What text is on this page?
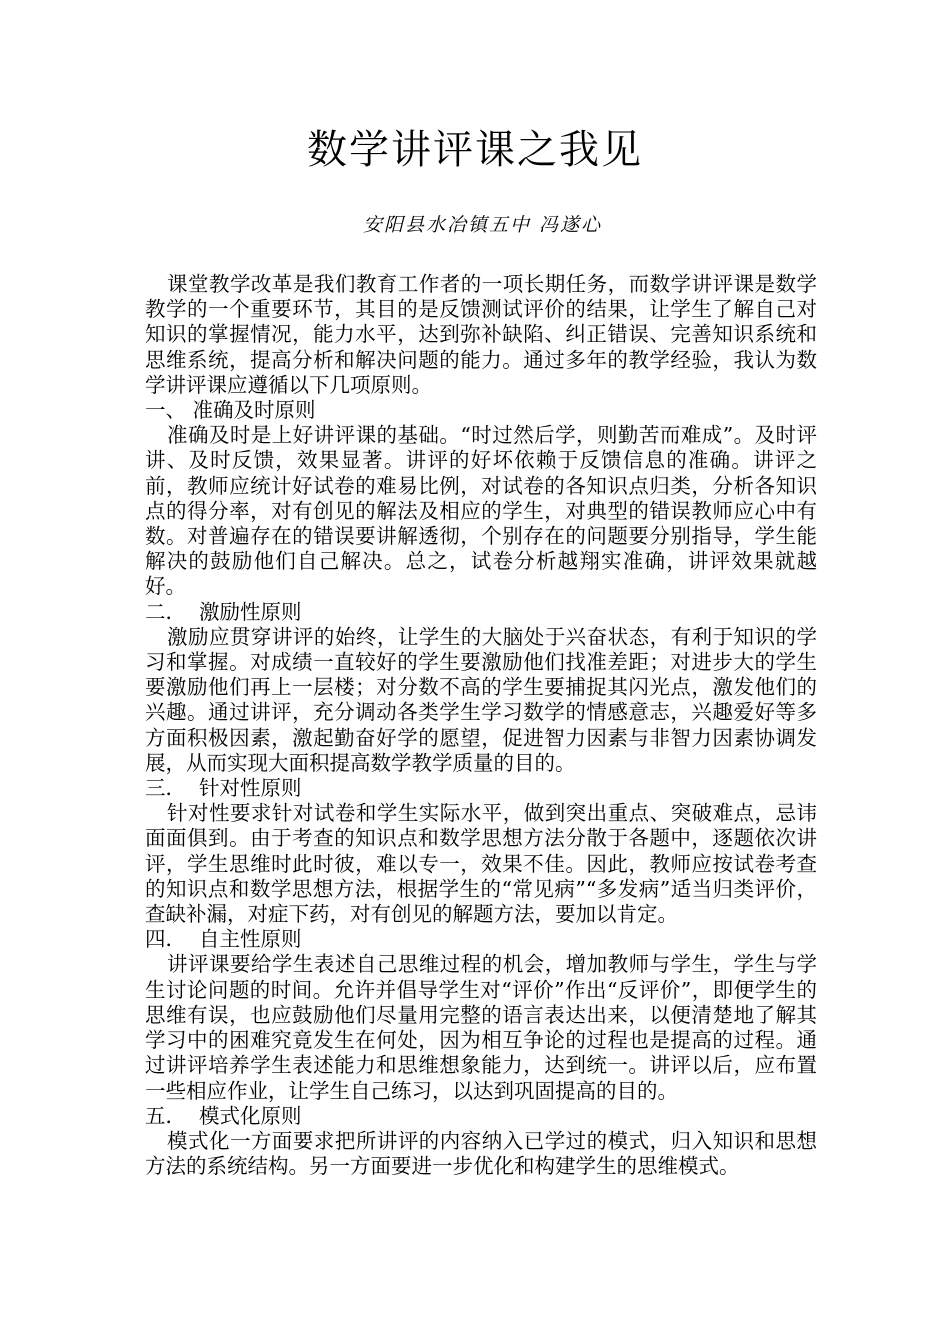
数学讲评课之我见

安阳县水冶镇五中 冯遂心

课堂教学改革是我们教育工作者的一项长期任务，而数学讲评课是数学教学的一个重要环节，其目的是反馈测试评价的结果，让学生了解自己对知识的掌握情况，能力水平，达到弥补缺陷、纠正错误、完善知识系统和思维系统，提高分析和解决问题的能力。通过多年的教学经验，我认为数学讲评课应遵循以下几项原则。

一、 准确及时原则

准确及时是上好讲评课的基础。“时过然后学，则勤苦而难成”。及时评讲、及时反馈，效果显著。讲评的好坏依赖于反馈信息的准确。讲评之前，教师应统计好试卷的难易比例，对试卷的各知识点归类，分析各知识点的得分率，对有创见的解法及相应的学生，对典型的错误教师应心中有数。对普遍存在的错误要讲解透彻，个别存在的问题要分别指导，学生能解决的鼓励他们自己解决。总之，试卷分析越翔实准确，讲评效果就越好。

二．  激励性原则

激励应贯穿讲评的始终，让学生的大脑处于兴奋状态，有利于知识的学习和掌握。对成绩一直较好的学生要激励他们找准差距；对进步大的学生要激励他们再上一层楼；对分数不高的学生要捕捉其闪光点，激发他们的兴趣。通过讲评，充分调动各类学生学习数学的情感意志，兴趣爱好等多方面积极因素，激起勤奋好学的愿望，促进智力因素与非智力因素协调发展，从而实现大面积提高数学教学质量的目的。

三．  针对性原则

针对性要求针对试卷和学生实际水平，做到突出重点、突破难点，忌讳面面俱到。由于考查的知识点和数学思想方法分散于各题中，逐题依次讲评，学生思维时此时彼，难以专一，效果不佳。因此，教师应按试卷考查的知识点和数学思想方法，根据学生的“常见病”“多发病”适当归类评价，查缺补漏，对症下药，对有创见的解题方法，要加以肯定。

四．  自主性原则

讲评课要给学生表述自己思维过程的机会，增加教师与学生，学生与学生讨论问题的时间。允许并倡导学生对“评价”作出“反评价”，即便学生的思维有误，也应鼓励他们尽量用完整的语言表达出来，以便清楚地了解其学习中的困难究竟发生在何处，因为相互争论的过程也是提高的过程。通过讲评培养学生表述能力和思维想象能力，达到统一。讲评以后，应布置一些相应作业，让学生自己练习，以达到巩固提高的目的。

五．  模式化原则

模式化一方面要求把所讲评的内容纳入已学过的模式，归入知识和思想方法的系统结构。另一方面要进一步优化和构建学生的思维模式。
